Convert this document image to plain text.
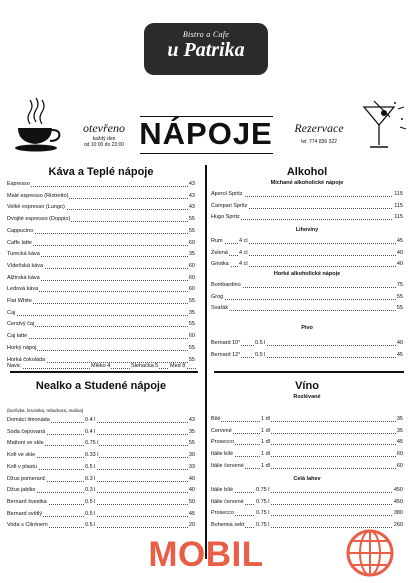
Bistro a Cafe
u Patrika
otevřeno
každý den
od 10:00 do 23:00 NÁPOJE	Rezervace
tel: 774 836 322
Káva a Teplé nápoje
Espresso	43
Malé espresso (Ristretto)	43
Velké espresso (Lungo)	43
Dvojité espresso (Doppio)	55
Cappucino	55
Caffe latte	60
Turecká káva	35
Vídeňská káva	60
Alžírská káva	60
Ledová káva	60
Flat White	55
Čaj	35
Čerstvý čaj	55
Čaj latte	60
Horký nápoj	55
Horká čokoláda	55
Navic	Mléko 4	Šlehačka 5 Med 8
Alkohol
Míchané alkoholické nápoje
Aperol Spritz	115
Campari Spritz	115
Hugo Spritz	115
Lihoviny
Rum	4 cl	45
Zelená 4 cl	40
Griotka 4 cl	40
Horké alkoholické nápoje
Bombardino	75
Grog	55
Svařák	55
Pivo
Bernard 10°	0.5 l	40
Bernard 12°	0.5 l	45
Nealko a Studené nápoje
(borůvka, brusinka, rebarbora, malina)
Domácí limonáda	0.4 l	43
Soda čepovaná	0.4 l	35
Mattoni ve skle	0.75 l	55
Kofi ve skle	0.33 l	30
Kofi v plastu	0.5 l	33
Džus pomeranč	0.3 l	40
Džus jablko	0.3 l	40
Bernard švestka	0.5 l	50
Bernard světlý	0.5 l	45
Voda s Citrónem	0.5 l	20
Víno
Rozlévané
Bílé	1 dl	35
Červené	1 dl	35
Prosecco	1 dl	45
Itálie bílé	1 dl	60
Itálie červené	1 dl	60
Celá lahev
Itálie bílé	0.75 l	450
Itálie červené 0.75 l	450
Prosecco	0.75 l	380
Bohemia sekt 0.75 l	260
MOBIL
